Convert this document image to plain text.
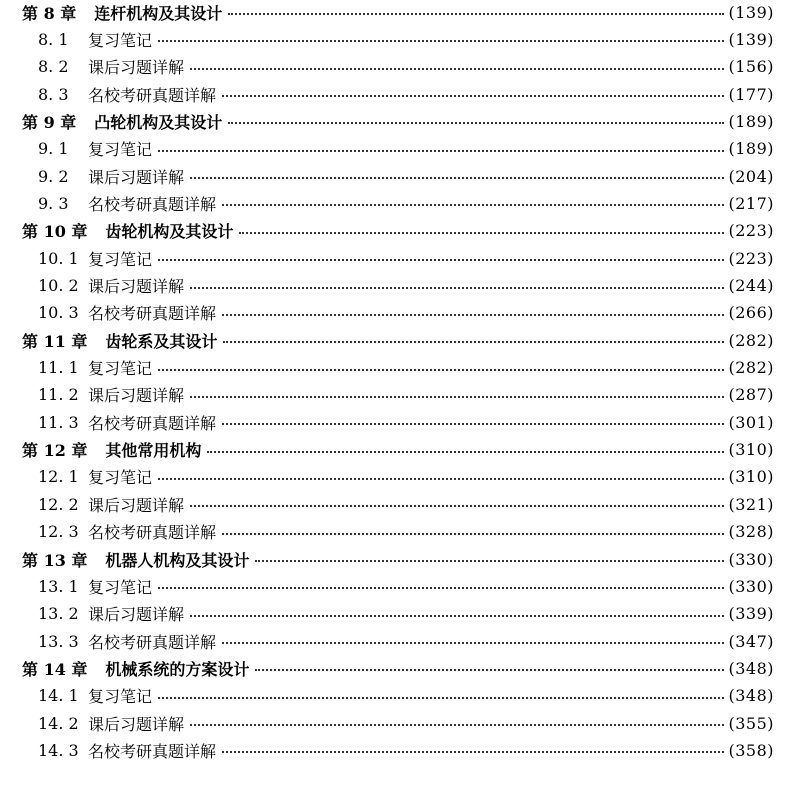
第 8 章 连杆机构及其设计	(139)
8. 1	复习笔记	(139)
8. 2	课后习题详解	(156)
8. 3	名校考研真题详解	(177)
第 9 章 凸轮机构及其设计	(189)
9. 1	复习笔记	(189)
9. 2	课后习题详解	(204)
9. 3	名校考研真题详解	(217)
第 10 章 齿轮机构及其设计	(223)
10. 1 复习笔记	(223)
10. 2 课后习题详解	(244)
10. 3 名校考研真题详解	(266)
第 11 章 齿轮系及其设计	(282)
11. 1 复习笔记	(282)
11. 2 课后习题详解	(287)
11. 3 名校考研真题详解	(301)
第 12 章 其他常用机构	(310)
12. 1 复习笔记	(310)
12. 2 课后习题详解	(321)
12. 3 名校考研真题详解	(328)
第 13 章 机器人机构及其设计	(330)
13. 1 复习笔记	(330)
13. 2 课后习题详解	(339)
13. 3 名校考研真题详解	(347)
第 14 章 机械系统的方案设计	(348)
14. 1 复习笔记	(348)
14. 2 课后习题详解	(355)
14. 3 名校考研真题详解	(358)
